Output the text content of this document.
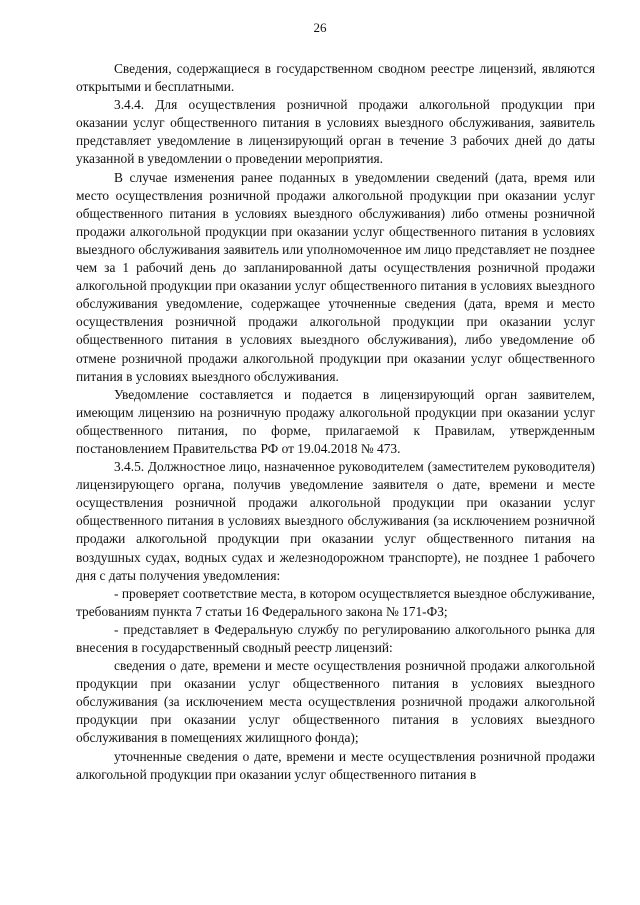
26

Сведения, содержащиеся в государственном сводном реестре лицензий, являются открытыми и бесплатными.

3.4.4. Для осуществления розничной продажи алкогольной продукции при оказании услуг общественного питания в условиях выездного обслуживания, заявитель представляет уведомление в лицензирующий орган в течение 3 рабочих дней до даты указанной в уведомлении о проведении мероприятия.

В случае изменения ранее поданных в уведомлении сведений (дата, время или место осуществления розничной продажи алкогольной продукции при оказании услуг общественного питания в условиях выездного обслуживания) либо отмены розничной продажи алкогольной продукции при оказании услуг общественного питания в условиях выездного обслуживания заявитель или уполномоченное им лицо представляет не позднее чем за 1 рабочий день до запланированной даты осуществления розничной продажи алкогольной продукции при оказании услуг общественного питания в условиях выездного обслуживания уведомление, содержащее уточненные сведения (дата, время и место осуществления розничной продажи алкогольной продукции при оказании услуг общественного питания в условиях выездного обслуживания), либо уведомление об отмене розничной продажи алкогольной продукции при оказании услуг общественного питания в условиях выездного обслуживания.

Уведомление составляется и подается в лицензирующий орган заявителем, имеющим лицензию на розничную продажу алкогольной продукции при оказании услуг общественного питания, по форме, прилагаемой к Правилам, утвержденным постановлением Правительства РФ от 19.04.2018 № 473.

3.4.5. Должностное лицо, назначенное руководителем (заместителем руководителя) лицензирующего органа, получив уведомление заявителя о дате, времени и месте осуществления розничной продажи алкогольной продукции при оказании услуг общественного питания в условиях выездного обслуживания (за исключением розничной продажи алкогольной продукции при оказании услуг общественного питания на воздушных судах, водных судах и железнодорожном транспорте), не позднее 1 рабочего дня с даты получения уведомления:

- проверяет соответствие места, в котором осуществляется выездное обслуживание, требованиям пункта 7 статьи 16 Федерального закона № 171-ФЗ;

- представляет в Федеральную службу по регулированию алкогольного рынка для внесения в государственный сводный реестр лицензий:

сведения о дате, времени и месте осуществления розничной продажи алкогольной продукции при оказании услуг общественного питания в условиях выездного обслуживания (за исключением места осуществления розничной продажи алкогольной продукции при оказании услуг общественного питания в условиях выездного обслуживания в помещениях жилищного фонда);

уточненные сведения о дате, времени и месте осуществления розничной продажи алкогольной продукции при оказании услуг общественного питания в
